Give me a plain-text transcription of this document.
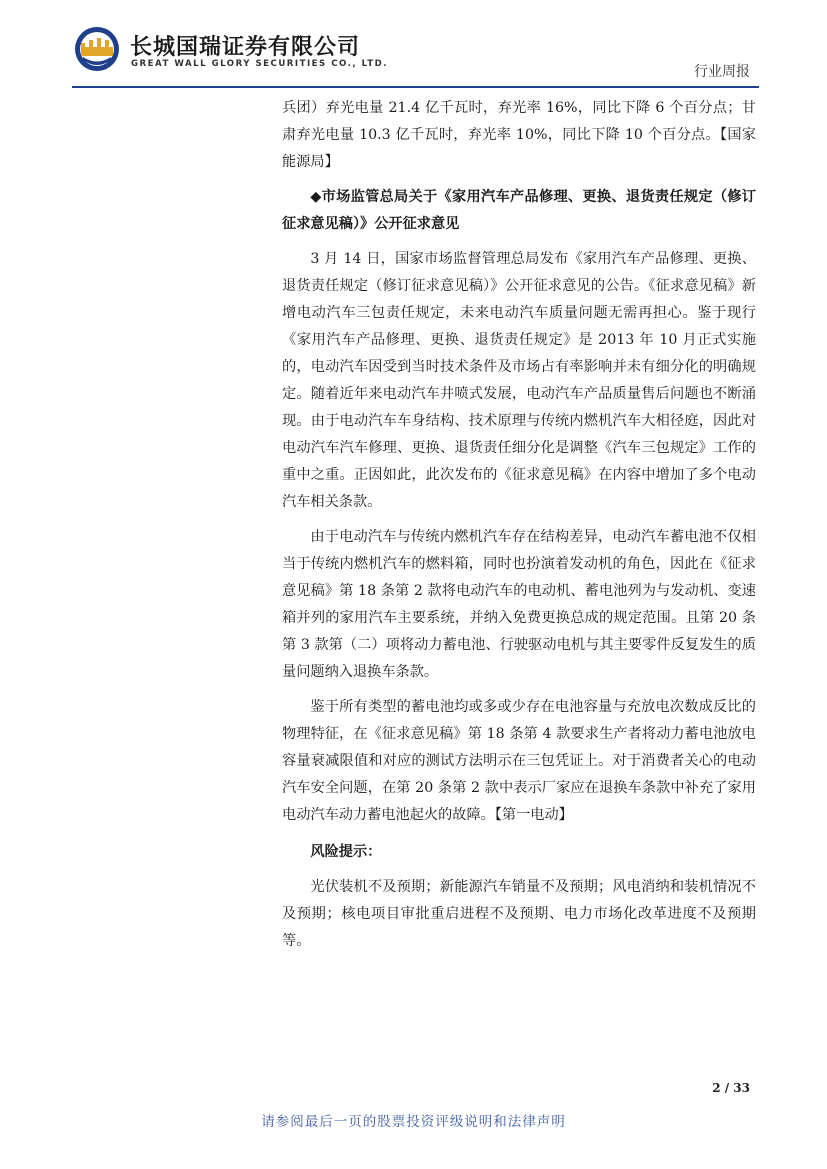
长城国瑞证券有限公司
GREAT WALL GLORY SECURITIES CO., LTD.	行业周报

兵团）弃光电量 21.4 亿千瓦时，弃光率 16%，同比下降 6 个百分点；甘肃弃光电量 10.3 亿千瓦时，弃光率 10%，同比下降 10 个百分点。【国家能源局】

◆市场监管总局关于《家用汽车产品修理、更换、退货责任规定（修订征求意见稿）》公开征求意见

3 月 14 日，国家市场监督管理总局发布《家用汽车产品修理、更换、退货责任规定（修订征求意见稿）》公开征求意见的公告。《征求意见稿》新增电动汽车三包责任规定，未来电动汽车质量问题无需再担心。鉴于现行《家用汽车产品修理、更换、退货责任规定》是 2013 年 10 月正式实施的，电动汽车因受到当时技术条件及市场占有率影响并未有细分化的明确规定。随着近年来电动汽车井喷式发展，电动汽车产品质量售后问题也不断涌现。由于电动汽车车身结构、技术原理与传统内燃机汽车大相径庭，因此对电动汽车汽车修理、更换、退货责任细分化是调整《汽车三包规定》工作的重中之重。正因如此，此次发布的《征求意见稿》在内容中增加了多个电动汽车相关条款。

由于电动汽车与传统内燃机汽车存在结构差异，电动汽车蓄电池不仅相当于传统内燃机汽车的燃料箱，同时也扮演着发动机的角色，因此在《征求意见稿》第 18 条第 2 款将电动汽车的电动机、蓄电池列为与发动机、变速箱并列的家用汽车主要系统，并纳入免费更换总成的规定范围。且第 20 条第 3 款第（二）项将动力蓄电池、行驶驱动电机与其主要零件反复发生的质量问题纳入退换车条款。

鉴于所有类型的蓄电池均或多或少存在电池容量与充放电次数成反比的物理特征，在《征求意见稿》第 18 条第 4 款要求生产者将动力蓄电池放电容量衰减限值和对应的测试方法明示在三包凭证上。对于消费者关心的电动汽车安全问题，在第 20 条第 2 款中表示厂家应在退换车条款中补充了家用电动汽车动力蓄电池起火的故障。【第一电动】

风险提示：

光伏装机不及预期；新能源汽车销量不及预期；风电消纳和装机情况不及预期；核电项目审批重启进程不及预期、电力市场化改革进度不及预期等。

2 / 33
请参阅最后一页的股票投资评级说明和法律声明
